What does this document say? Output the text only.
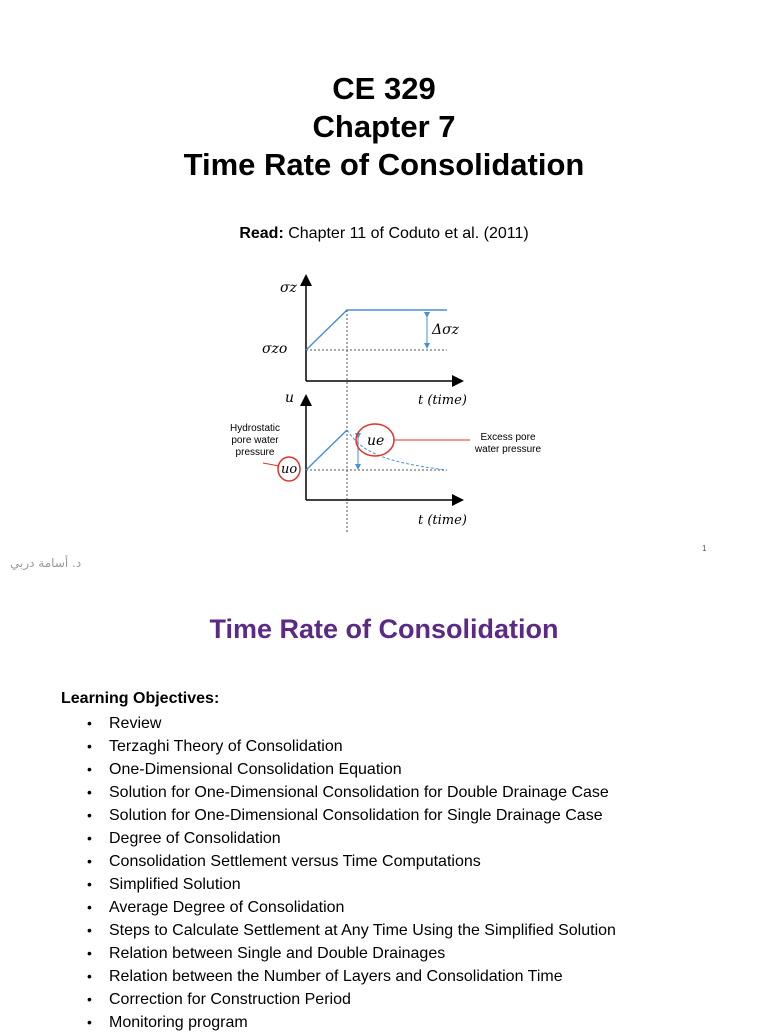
CE 329
Chapter 7
Time Rate of Consolidation
Read: Chapter 11 of Coduto et al. (2011)
σz
σzo
Δσz
t (time)
u
t (time)
ue	Excess pore
water pressure
uo
Hydrostatic
pore water
pressure
1
د. أسامة دربي
Time Rate of Consolidation
Learning Objectives:
• Review
• Terzaghi Theory of Consolidation
• One-Dimensional Consolidation Equation
• Solution for One-Dimensional Consolidation for Double Drainage Case
• Solution for One-Dimensional Consolidation for Single Drainage Case
• Degree of Consolidation
• Consolidation Settlement versus Time Computations
• Simplified Solution
• Average Degree of Consolidation
• Steps to Calculate Settlement at Any Time Using the Simplified Solution
• Relation between Single and Double Drainages
• Relation between the Number of Layers and Consolidation Time
• Correction for Construction Period
• Monitoring program
